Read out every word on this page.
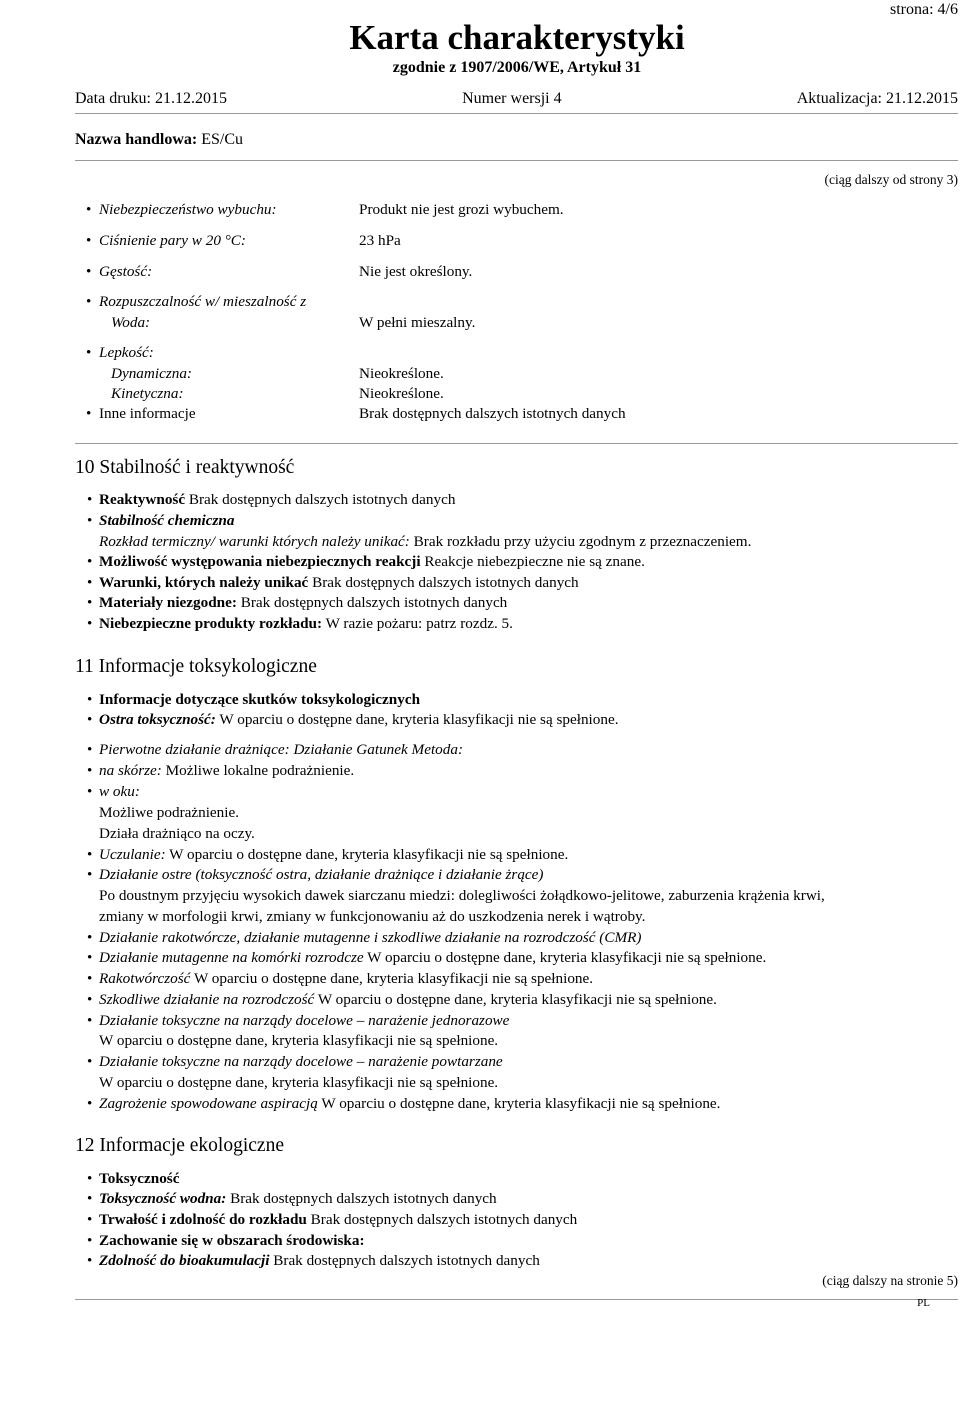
strona: 4/6
Karta charakterystyki
zgodnie z 1907/2006/WE, Artykuł 31
Data druku: 21.12.2015	Numer wersji 4	Aktualizacja: 21.12.2015
Nazwa handlowa: ES/Cu
(ciąg dalszy od strony 3)
• Niebezpieczeństwo wybuchu:	Produkt nie jest grozi wybuchem.
• Ciśnienie pary w 20 °C:	23 hPa
• Gęstość:	Nie jest określony.
• Rozpuszczalność w/ mieszalność z
Woda:	W pełni mieszalny.
• Lepkość:
Dynamiczna:	Nieokreślone.
Kinetyczna:	Nieokreślone.
• Inne informacje	Brak dostępnych dalszych istotnych danych
10 Stabilność i reaktywność
• Reaktywność Brak dostępnych dalszych istotnych danych
• Stabilność chemiczna
Rozkład termiczny/ warunki których należy unikać: Brak rozkładu przy użyciu zgodnym z przeznaczeniem.
• Możliwość występowania niebezpiecznych reakcji Reakcje niebezpieczne nie są znane.
• Warunki, których należy unikać Brak dostępnych dalszych istotnych danych
• Materiały niezgodne: Brak dostępnych dalszych istotnych danych
• Niebezpieczne produkty rozkładu: W razie pożaru: patrz rozdz. 5.
11 Informacje toksykologiczne
• Informacje dotyczące skutków toksykologicznych
• Ostra toksyczność: W oparciu o dostępne dane, kryteria klasyfikacji nie są spełnione.
• Pierwotne działanie drażniące: Działanie Gatunek Metoda:
• na skórze: Możliwe lokalne podrażnienie.
• w oku:
Możliwe podrażnienie.
Działa drażniąco na oczy.
• Uczulanie: W oparciu o dostępne dane, kryteria klasyfikacji nie są spełnione.
• Działanie ostre (toksyczność ostra, działanie drażniące i działanie żrące)
Po doustnym przyjęciu wysokich dawek siarczanu miedzi: dolegliwości żołądkowo-jelitowe, zaburzenia krążenia krwi,
zmiany w morfologii krwi, zmiany w funkcjonowaniu aż do uszkodzenia nerek i wątroby.
• Działanie rakotwórcze, działanie mutagenne i szkodliwe działanie na rozrodczość (CMR)
• Działanie mutagenne na komórki rozrodcze W oparciu o dostępne dane, kryteria klasyfikacji nie są spełnione.
• Rakotwórczość W oparciu o dostępne dane, kryteria klasyfikacji nie są spełnione.
• Szkodliwe działanie na rozrodczość W oparciu o dostępne dane, kryteria klasyfikacji nie są spełnione.
• Działanie toksyczne na narządy docelowe – narażenie jednorazowe
W oparciu o dostępne dane, kryteria klasyfikacji nie są spełnione.
• Działanie toksyczne na narządy docelowe – narażenie powtarzane
W oparciu o dostępne dane, kryteria klasyfikacji nie są spełnione.
• Zagrożenie spowodowane aspiracją W oparciu o dostępne dane, kryteria klasyfikacji nie są spełnione.
12 Informacje ekologiczne
• Toksyczność
• Toksyczność wodna: Brak dostępnych dalszych istotnych danych
• Trwałość i zdolność do rozkładu Brak dostępnych dalszych istotnych danych
• Zachowanie się w obszarach środowiska:
• Zdolność do bioakumulacji Brak dostępnych dalszych istotnych danych
(ciąg dalszy na stronie 5)
PL
